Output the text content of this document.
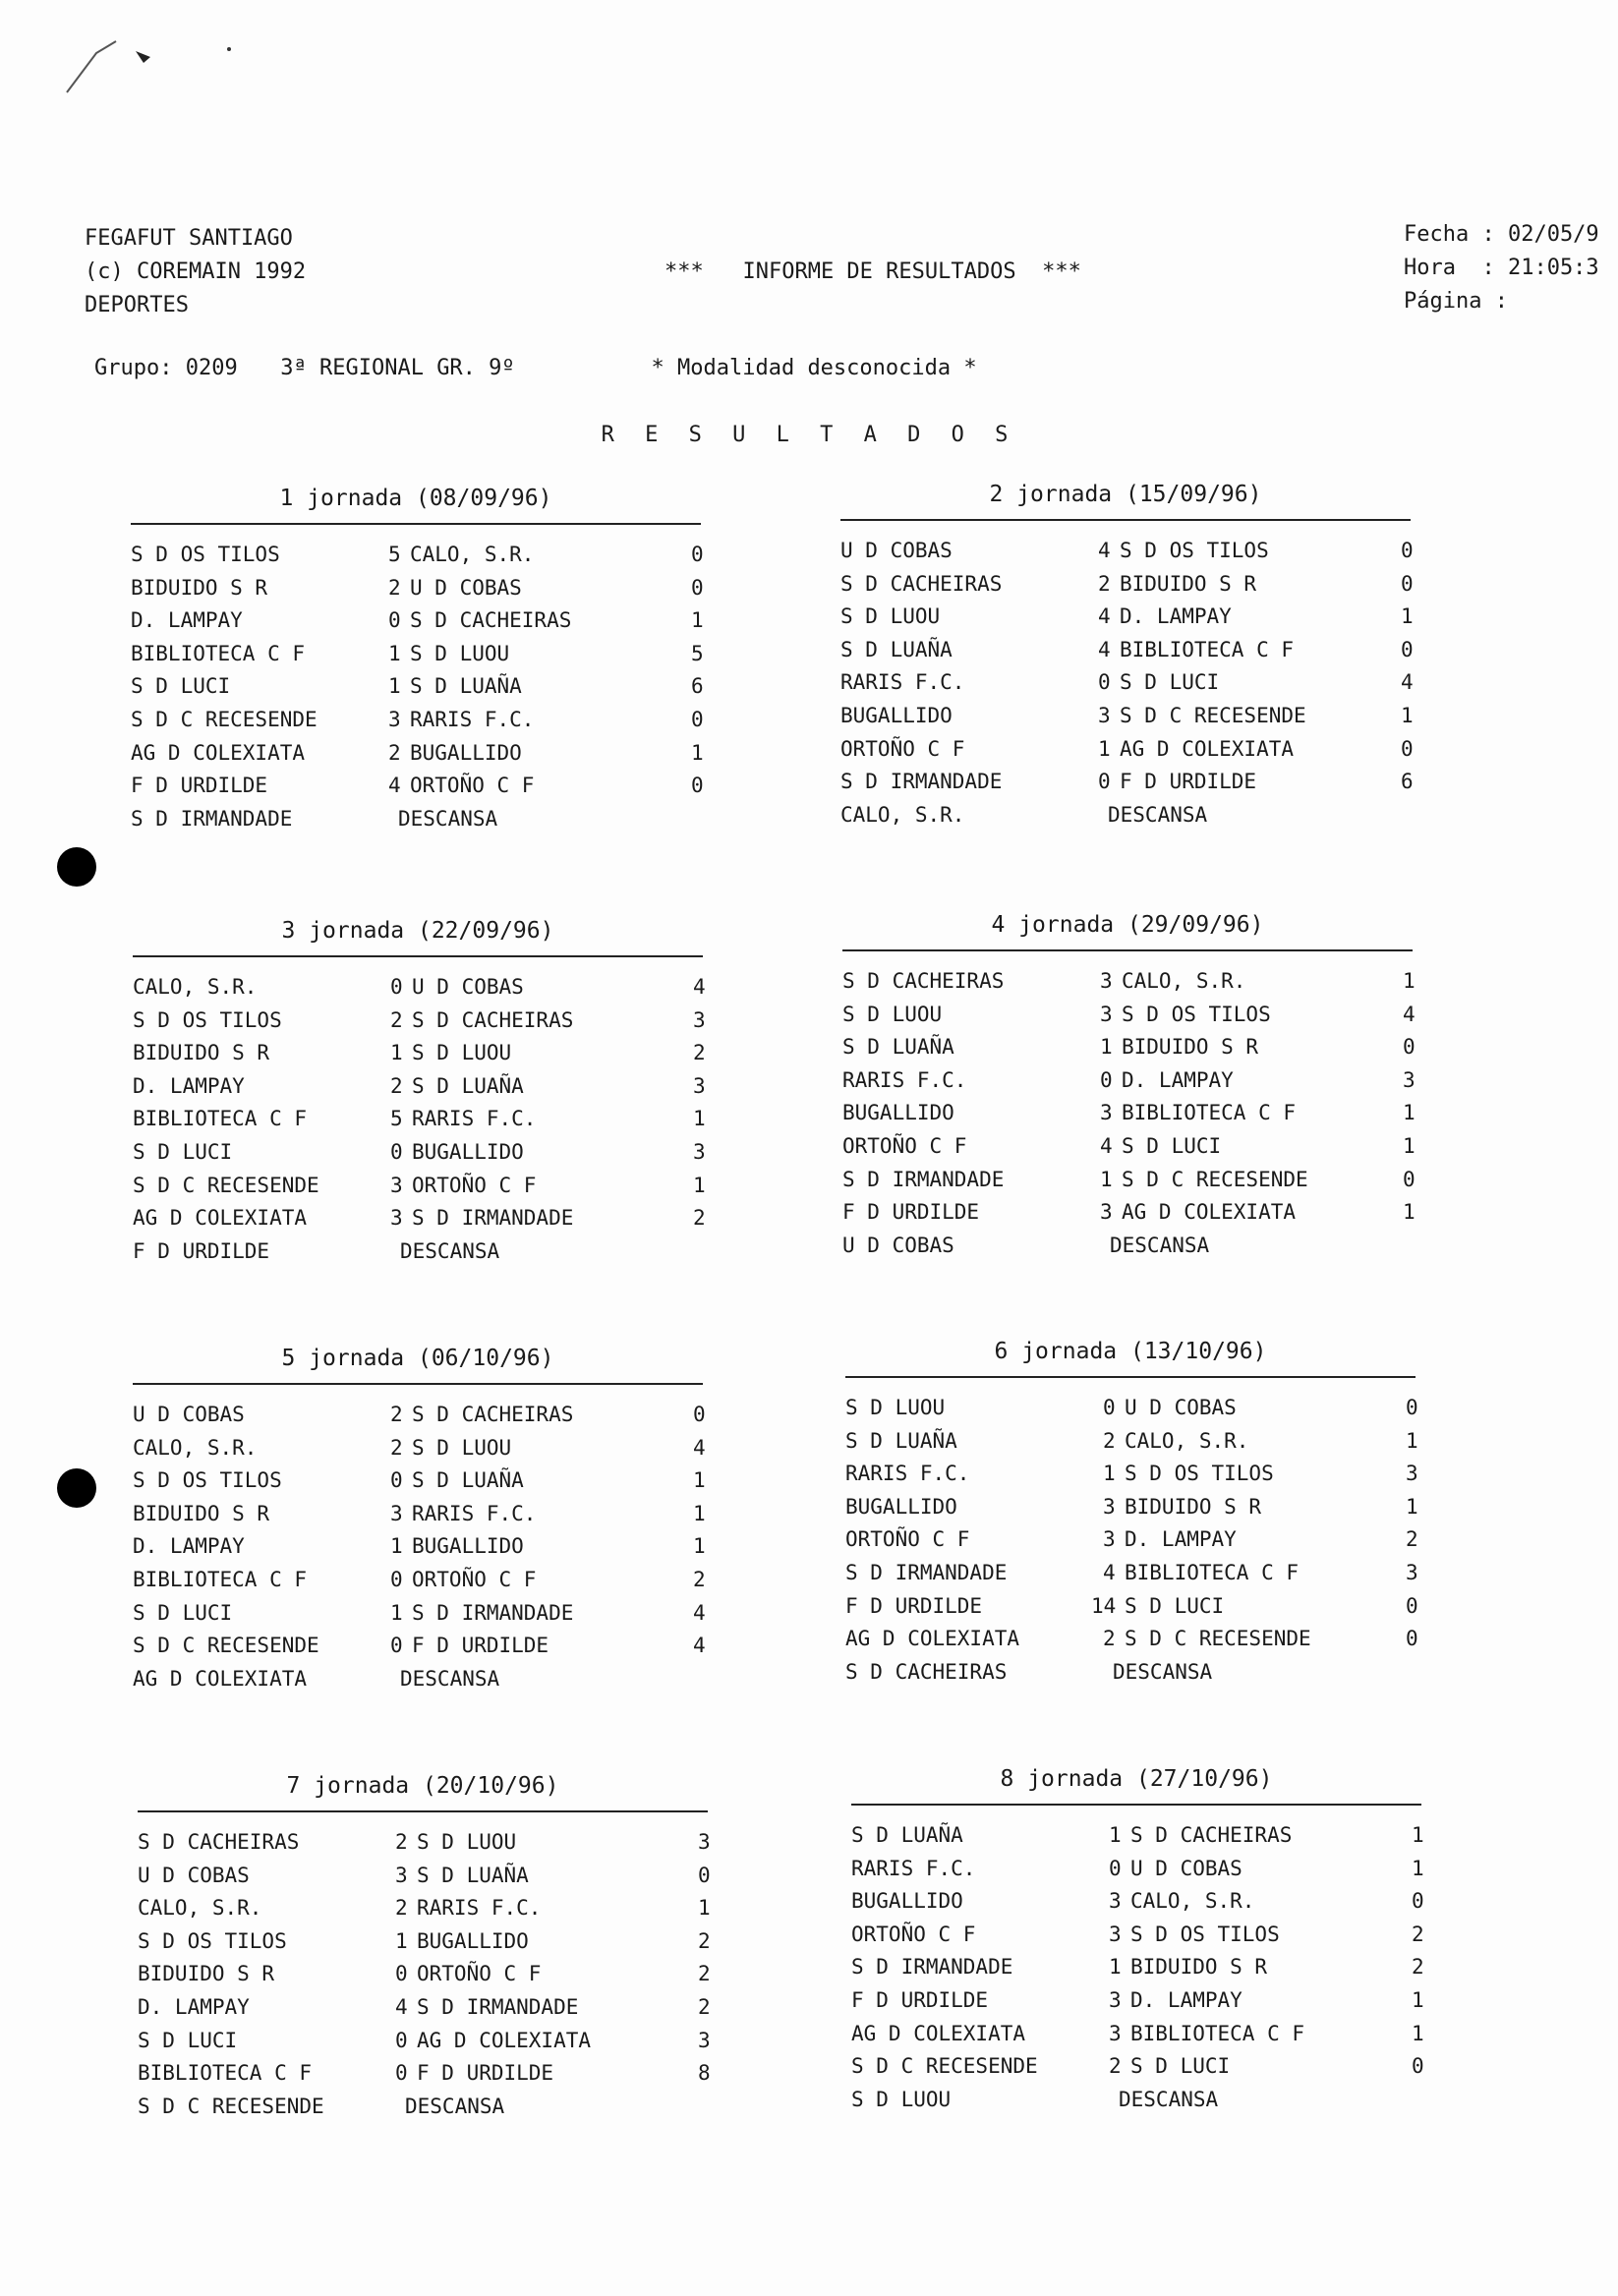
FEGAFUT SANTIAGO
(c) COREMAIN 1992
DEPORTES
***   INFORME DE RESULTADOS  ***
Fecha : 02/05/9
Hora  : 21:05:3
Página :
Grupo: 0209 3ª REGIONAL GR. 9º	* Modalidad desconocida *
R E S U L T A D O S
1 jornada (08/09/96)
S D OS TILOS	5 CALO, S.R.	0
BIDUIDO S R	2 U D COBAS	0
D. LAMPAY	0 S D CACHEIRAS	1
BIBLIOTECA C F	1 S D LUOU	5
S D LUCI	1 S D LUAÑA	6
S D C RECESENDE	3 RARIS F.C.	0
AG D COLEXIATA	2 BUGALLIDO	1
F D URDILDE	4 ORTOÑO C F	0
S D IRMANDADE	DESCANSA
2 jornada (15/09/96)
U D COBAS	4 S D OS TILOS	0
S D CACHEIRAS	2 BIDUIDO S R	0
S D LUOU	4 D. LAMPAY	1
S D LUAÑA	4 BIBLIOTECA C F	0
RARIS F.C.	0 S D LUCI	4
BUGALLIDO	3 S D C RECESENDE	1
ORTOÑO C F	1 AG D COLEXIATA	0
S D IRMANDADE	0 F D URDILDE	6
CALO, S.R.	DESCANSA
3 jornada (22/09/96)
CALO, S.R.	0 U D COBAS	4
S D OS TILOS	2 S D CACHEIRAS	3
BIDUIDO S R	1 S D LUOU	2
D. LAMPAY	2 S D LUAÑA	3
BIBLIOTECA C F	5 RARIS F.C.	1
S D LUCI	0 BUGALLIDO	3
S D C RECESENDE	3 ORTOÑO C F	1
AG D COLEXIATA	3 S D IRMANDADE	2
F D URDILDE	DESCANSA
4 jornada (29/09/96)
S D CACHEIRAS	3 CALO, S.R.	1
S D LUOU	3 S D OS TILOS	4
S D LUAÑA	1 BIDUIDO S R	0
RARIS F.C.	0 D. LAMPAY	3
BUGALLIDO	3 BIBLIOTECA C F	1
ORTOÑO C F	4 S D LUCI	1
S D IRMANDADE	1 S D C RECESENDE	0
F D URDILDE	3 AG D COLEXIATA	1
U D COBAS	DESCANSA
5 jornada (06/10/96)
U D COBAS	2 S D CACHEIRAS	0
CALO, S.R.	2 S D LUOU	4
S D OS TILOS	0 S D LUAÑA	1
BIDUIDO S R	3 RARIS F.C.	1
D. LAMPAY	1 BUGALLIDO	1
BIBLIOTECA C F	0 ORTOÑO C F	2
S D LUCI	1 S D IRMANDADE	4
S D C RECESENDE	0 F D URDILDE	4
AG D COLEXIATA	DESCANSA
6 jornada (13/10/96)
S D LUOU	0 U D COBAS	0
S D LUAÑA	2 CALO, S.R.	1
RARIS F.C.	1 S D OS TILOS	3
BUGALLIDO	3 BIDUIDO S R	1
ORTOÑO C F	3 D. LAMPAY	2
S D IRMANDADE	4 BIBLIOTECA C F	3
F D URDILDE	14 S D LUCI	0
AG D COLEXIATA	2 S D C RECESENDE	0
S D CACHEIRAS	DESCANSA
7 jornada (20/10/96)
S D CACHEIRAS	2 S D LUOU	3
U D COBAS	3 S D LUAÑA	0
CALO, S.R.	2 RARIS F.C.	1
S D OS TILOS	1 BUGALLIDO	2
BIDUIDO S R	0 ORTOÑO C F	2
D. LAMPAY	4 S D IRMANDADE	2
S D LUCI	0 AG D COLEXIATA	3
BIBLIOTECA C F	0 F D URDILDE	8
S D C RECESENDE	DESCANSA
8 jornada (27/10/96)
S D LUAÑA	1 S D CACHEIRAS	1
RARIS F.C.	0 U D COBAS	1
BUGALLIDO	3 CALO, S.R.	0
ORTOÑO C F	3 S D OS TILOS	2
S D IRMANDADE	1 BIDUIDO S R	2
F D URDILDE	3 D. LAMPAY	1
AG D COLEXIATA	3 BIBLIOTECA C F	1
S D C RECESENDE	2 S D LUCI	0
S D LUOU	DESCANSA
